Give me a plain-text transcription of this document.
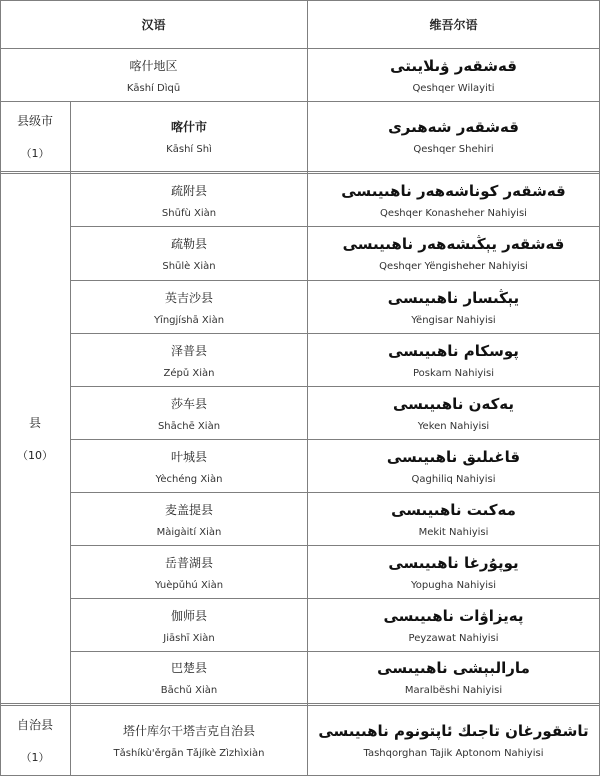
汉语	维吾尔语
喀什地区
Kāshí Dìqū
قەشقەر ۋىلايىتى
Qeshqer Wilayiti
县级市
（1）
喀什市
Kāshí Shì
قەشقەر شەھىرى
Qeshqer Shehiri
县
（10）
疏附县
Shūfù Xiàn
قەشقەر كوناشەھەر ناھىيىسى
Qeshqer Konasheher Nahiyisi
疏勒县
Shūlè Xiàn
قەشقەر يېڭىشەھەر ناھىيىسى
Qeshqer Yëngisheher Nahiyisi
英吉沙县
Yīngjíshā Xiàn
يېڭىسار ناھىيىسى
Yëngisar Nahiyisi
泽普县
Zépǔ Xiàn
پوسكام ناھىيىسى
Poskam Nahiyisi
莎车县
Shāchē Xiàn
يەكەن ناھىيىسى
Yeken Nahiyisi
叶城县
Yèchéng Xiàn
قاغىلىق ناھىيىسى
Qaghiliq Nahiyisi
麦盖提县
Màigàití Xiàn
مەكىت ناھىيىسى
Mekit Nahiyisi
岳普湖县
Yuèpǔhú Xiàn
يوپۇرغا ناھىيىسى
Yopugha Nahiyisi
伽师县
Jiāshī Xiàn
پەيزاۋات ناھىيىسى
Peyzawat Nahiyisi
巴楚县
Bāchǔ Xiàn
مارالبېشى ناھىيىسى
Maralbëshi Nahiyisi
自治县
（1）
塔什库尔干塔吉克自治县
Tǎshíkù'ěrgān Tǎjíkè Zìzhìxiàn
تاشقورغان تاجىك ئاپتونوم ناھىيىسى
Tashqorghan Tajik Aptonom Nahiyisi
